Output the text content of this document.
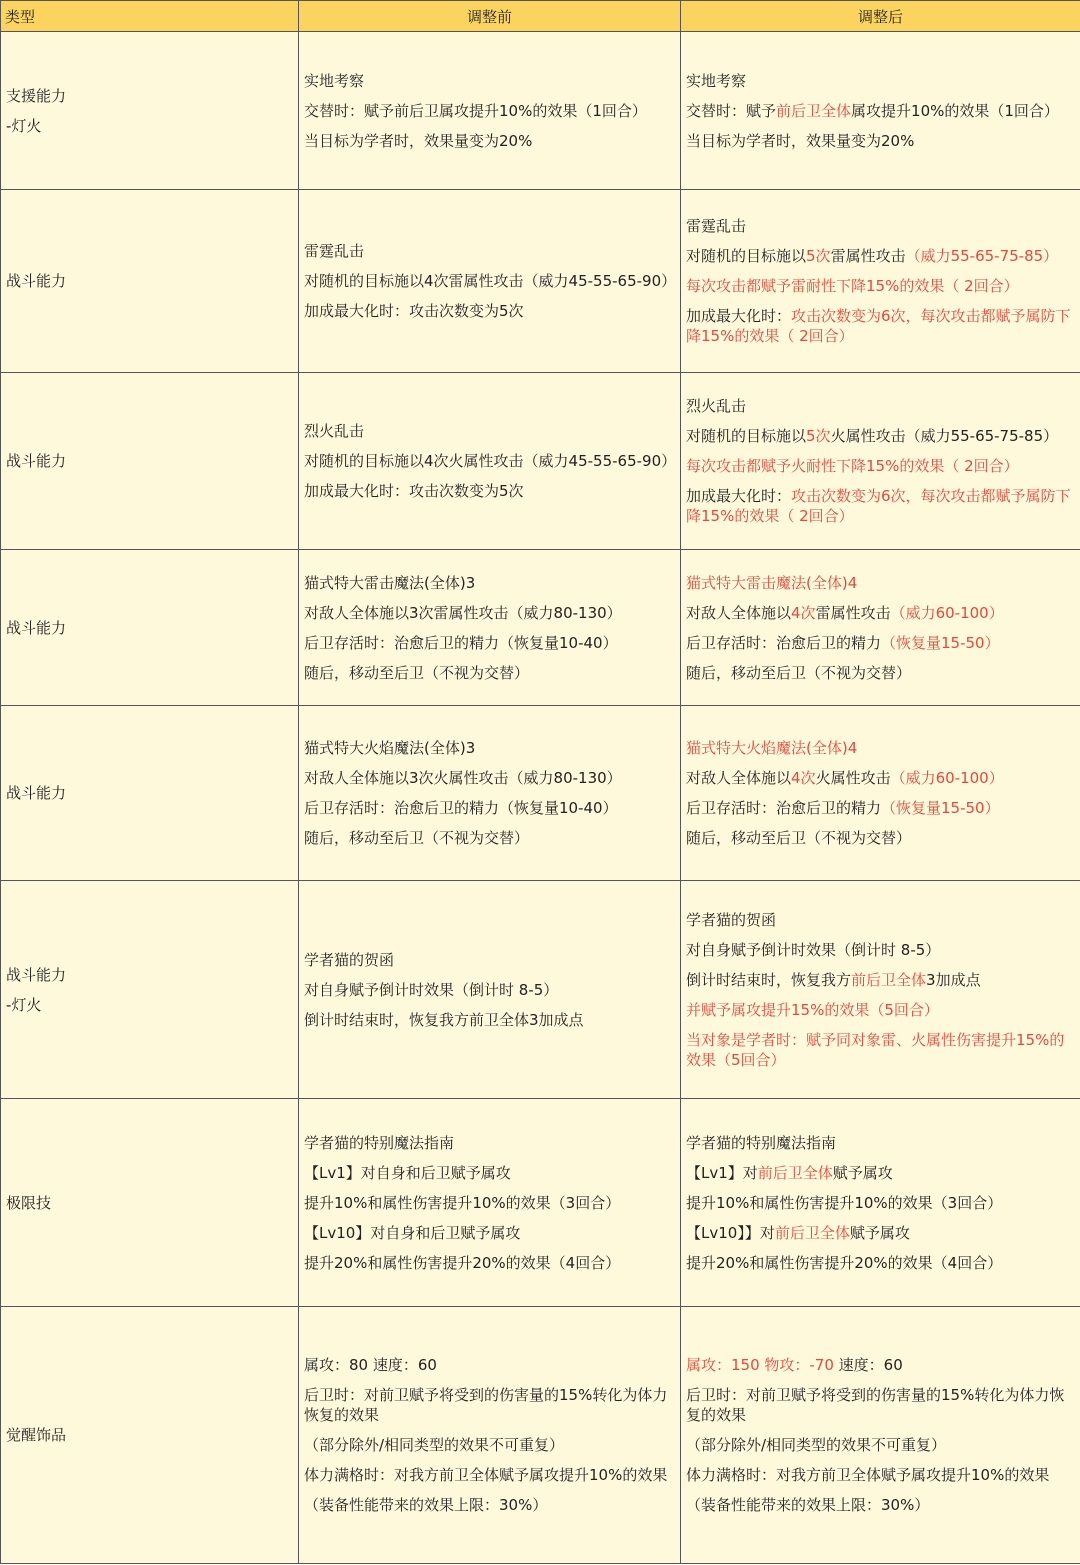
类型	调整前	调整后

支援能力
-灯火	实地考察
交替时：赋予前后卫属攻提升10%的效果（1回合）
当目标为学者时，效果量变为20%	实地考察
交替时：赋予前后卫全体属攻提升10%的效果（1回合）
当目标为学者时，效果量变为20%

战斗能力	雷霆乱击
对随机的目标施以4次雷属性攻击（威力45-55-65-90）
加成最大化时：攻击次数变为5次	雷霆乱击
对随机的目标施以5次雷属性攻击（威力55-65-75-85）
每次攻击都赋予雷耐性下降15%的效果（ 2回合）
加成最大化时：攻击次数变为6次，每次攻击都赋予属防下降15%的效果（ 2回合）

战斗能力	烈火乱击
对随机的目标施以4次火属性攻击（威力45-55-65-90）
加成最大化时：攻击次数变为5次	烈火乱击
对随机的目标施以5次火属性攻击（威力55-65-75-85）
每次攻击都赋予火耐性下降15%的效果（ 2回合）
加成最大化时：攻击次数变为6次，每次攻击都赋予属防下降15%的效果（ 2回合）

战斗能力	猫式特大雷击魔法(全体)3
对敌人全体施以3次雷属性攻击（威力80-130）
后卫存活时：治愈后卫的精力（恢复量10-40）
随后，移动至后卫（不视为交替）	猫式特大雷击魔法(全体)4
对敌人全体施以4次雷属性攻击（威力60-100）
后卫存活时：治愈后卫的精力（恢复量15-50）
随后，移动至后卫（不视为交替）

战斗能力	猫式特大火焰魔法(全体)3
对敌人全体施以3次火属性攻击（威力80-130）
后卫存活时：治愈后卫的精力（恢复量10-40）
随后，移动至后卫（不视为交替）	猫式特大火焰魔法(全体)4
对敌人全体施以4次火属性攻击（威力60-100）
后卫存活时：治愈后卫的精力（恢复量15-50）
随后，移动至后卫（不视为交替）

战斗能力
-灯火	学者猫的贺函
对自身赋予倒计时效果（倒计时 8-5）
倒计时结束时，恢复我方前卫全体3加成点	学者猫的贺函
对自身赋予倒计时效果（倒计时 8-5）
倒计时结束时，恢复我方前后卫全体3加成点
并赋予属攻提升15%的效果（5回合）
当对象是学者时：赋予同对象雷、火属性伤害提升15%的效果（5回合）

极限技	学者猫的特别魔法指南
【Lv1】对自身和后卫赋予属攻
提升10%和属性伤害提升10%的效果（3回合）
【Lv10】对自身和后卫赋予属攻
提升20%和属性伤害提升20%的效果（4回合）	学者猫的特别魔法指南
【Lv1】对前后卫全体赋予属攻
提升10%和属性伤害提升10%的效果（3回合）
【Lv10】】对前后卫全体赋予属攻
提升20%和属性伤害提升20%的效果（4回合）

觉醒饰品	属攻：80 速度：60
后卫时：对前卫赋予将受到的伤害量的15%转化为体力恢复的效果
（部分除外/相同类型的效果不可重复）
体力满格时：对我方前卫全体赋予属攻提升10%的效果
（装备性能带来的效果上限：30%）	属攻：150 物攻：-70 速度：60
后卫时：对前卫赋予将受到的伤害量的15%转化为体力恢复的效果
（部分除外/相同类型的效果不可重复）
体力满格时：对我方前卫全体赋予属攻提升10%的效果
（装备性能带来的效果上限：30%）
